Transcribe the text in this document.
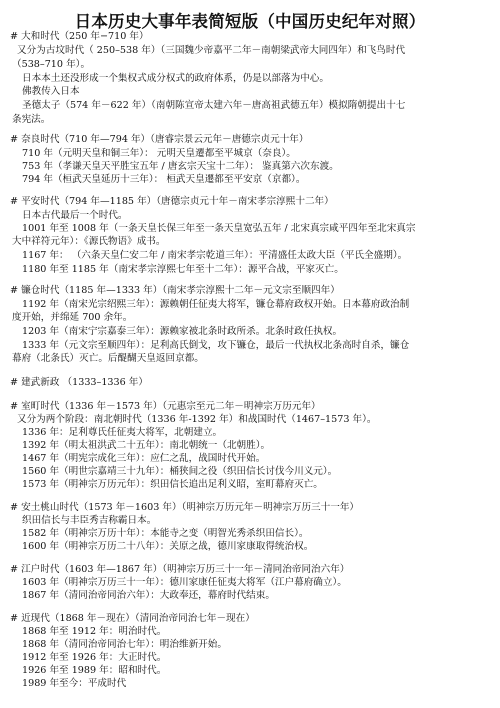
日本历史大事年表简短版（中国历史纪年对照）
# 大和时代（250 年−710 年）
又分为古坟时代（ 250–538 年）（三国魏少帝嘉平二年－南朝梁武帝大同四年）和飞鸟时代
（538–710 年）。
日本本土还没形成一个集权式成分权式的政府体系，仍是以部落为中心。
佛教传入日本
圣德太子（574 年－622 年）（南朝陈宣帝太建六年－唐高祖武德五年）模拟隋朝提出十七
条宪法。
# 奈良时代（710 年—794 年）（唐睿宗景云元年－唐德宗贞元十年）
710 年（元明天皇和铜三年）： 元明天皇遷都至平城京（奈良）。
753 年（孝谦天皇天平胜宝五年 / 唐玄宗天宝十二年）： 鉴真第六次东渡。
794 年（桓武天皇延历十三年）： 桓武天皇遷都至平安京（京都）。
# 平安时代（794 年—1185 年）（唐德宗贞元十年－南宋孝宗淳熙十二年）
日本古代最后一个时代。
1001 年至 1008 年（一条天皇长保三年至一条天皇宽弘五年 / 北宋真宗咸平四年至北宋真宗
大中祥符元年）：《源氏物语》成书。
1167 年： （六条天皇仁安二年 / 南宋孝宗乾道三年）：平清盛任太政大臣（平氏全盛期）。
1180 年至 1185 年（南宋孝宗淳熙七年至十二年）：源平合战，平家灭亡。
# 镰仓时代（1185 年—1333 年）（南宋孝宗淳熙十二年－元文宗至顺四年）
1192 年（南宋光宗绍熙三年）：源赖朝任征夷大将军，镰仓幕府政权开始。日本幕府政治制
度开始，并绵延 700 余年。
1203 年（南宋宁宗嘉泰三年）：源赖家被北条时政所杀。北条时政任执权。
1333 年（元文宗至顺四年）：足利高氏倒戈，攻下镰仓，最后一代执权北条高时自杀，镰仓
幕府（北条氏）灭亡。后醍醐天皇返回京都。
# 建武新政 （1333–1336 年）
# 室町时代（1336 年－1573 年）（元惠宗至元二年－明神宗万历元年）
又分为两个阶段：南北朝时代（1336 年-1392 年）和战国时代（1467–1573 年）。
1336 年：足利尊氏任征夷大将军，北朝建立。
1392 年（明太祖洪武二十五年）：南北朝统一（北朝胜）。
1467 年（明宪宗成化三年）：应仁之乱，战国时代开始。
1560 年（明世宗嘉靖三十九年）：桶狭间之役（织田信长讨伐今川义元）。
1573 年（明神宗万历元年）：织田信长追出足利义昭，室町幕府灭亡。
# 安土桃山时代（1573 年－1603 年）（明神宗万历元年－明神宗万历三十一年）
织田信长与丰臣秀吉称霸日本。
1582 年（明神宗万历十年）：本能寺之变（明智光秀杀织田信长）。
1600 年（明神宗万历二十八年）：关原之战，德川家康取得统治权。
# 江户时代（1603 年—1867 年）（明神宗万历三十一年－清同治帝同治六年）
1603 年（明神宗万历三十一年）：德川家康任征夷大将军（江户幕府确立）。
1867 年（清同治帝同治六年）：大政奉还，幕府时代结束。
# 近现代（1868 年－现在）（清同治帝同治七年－现在）
1868 年至 1912 年：明治时代。
1868 年（清同治帝同治七年）：明治维新开始。
1912 年至 1926 年：大正时代。
1926 年至 1989 年：昭和时代。
1989 年至今：平成时代
